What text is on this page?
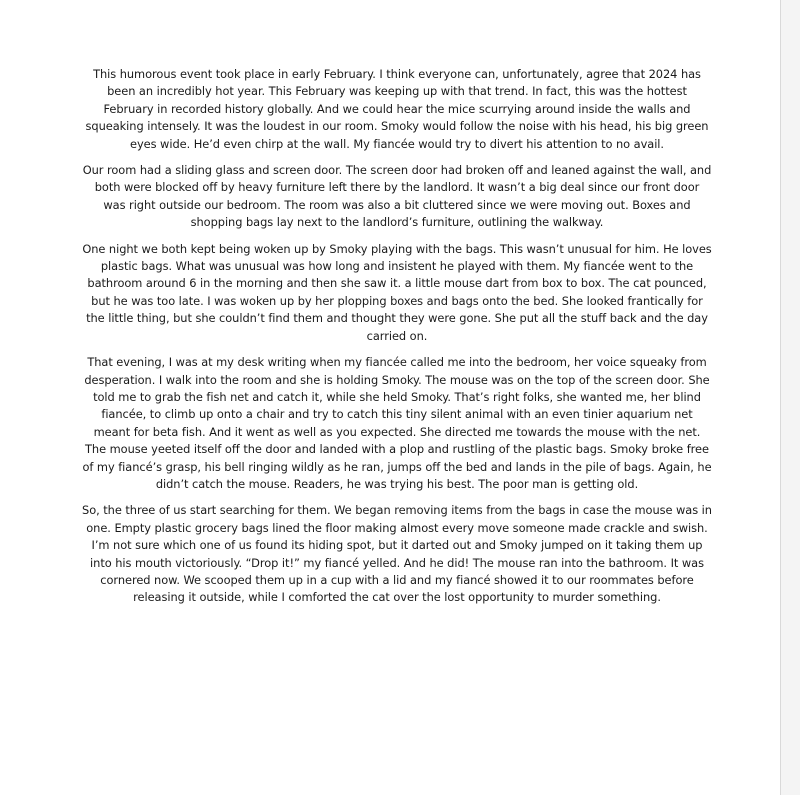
This humorous event took place in early February. I think everyone can, unfortunately, agree that 2024 has been an incredibly hot year. This February was keeping up with that trend. In fact, this was the hottest February in recorded history globally. And we could hear the mice scurrying around inside the walls and squeaking intensely. It was the loudest in our room. Smoky would follow the noise with his head, his big green eyes wide. He’d even chirp at the wall. My fiancée would try to divert his attention to no avail.

Our room had a sliding glass and screen door. The screen door had broken off and leaned against the wall, and both were blocked off by heavy furniture left there by the landlord. It wasn’t a big deal since our front door was right outside our bedroom. The room was also a bit cluttered since we were moving out. Boxes and shopping bags lay next to the landlord’s furniture, outlining the walkway.

One night we both kept being woken up by Smoky playing with the bags. This wasn’t unusual for him. He loves plastic bags. What was unusual was how long and insistent he played with them. My fiancée went to the bathroom around 6 in the morning and then she saw it. a little mouse dart from box to box. The cat pounced, but he was too late. I was woken up by her plopping boxes and bags onto the bed. She looked frantically for the little thing, but she couldn’t find them and thought they were gone. She put all the stuff back and the day carried on.

That evening, I was at my desk writing when my fiancée called me into the bedroom, her voice squeaky from desperation. I walk into the room and she is holding Smoky. The mouse was on the top of the screen door. She told me to grab the fish net and catch it, while she held Smoky. That’s right folks, she wanted me, her blind fiancée, to climb up onto a chair and try to catch this tiny silent animal with an even tinier aquarium net meant for beta fish. And it went as well as you expected. She directed me towards the mouse with the net. The mouse yeeted itself off the door and landed with a plop and rustling of the plastic bags. Smoky broke free of my fiancé’s grasp, his bell ringing wildly as he ran, jumps off the bed and lands in the pile of bags. Again, he didn’t catch the mouse. Readers, he was trying his best. The poor man is getting old.

So, the three of us start searching for them. We began removing items from the bags in case the mouse was in one. Empty plastic grocery bags lined the floor making almost every move someone made crackle and swish. I’m not sure which one of us found its hiding spot, but it darted out and Smoky jumped on it taking them up into his mouth victoriously. “Drop it!” my fiancé yelled. And he did! The mouse ran into the bathroom. It was cornered now. We scooped them up in a cup with a lid and my fiancé showed it to our roommates before releasing it outside, while I comforted the cat over the lost opportunity to murder something.
